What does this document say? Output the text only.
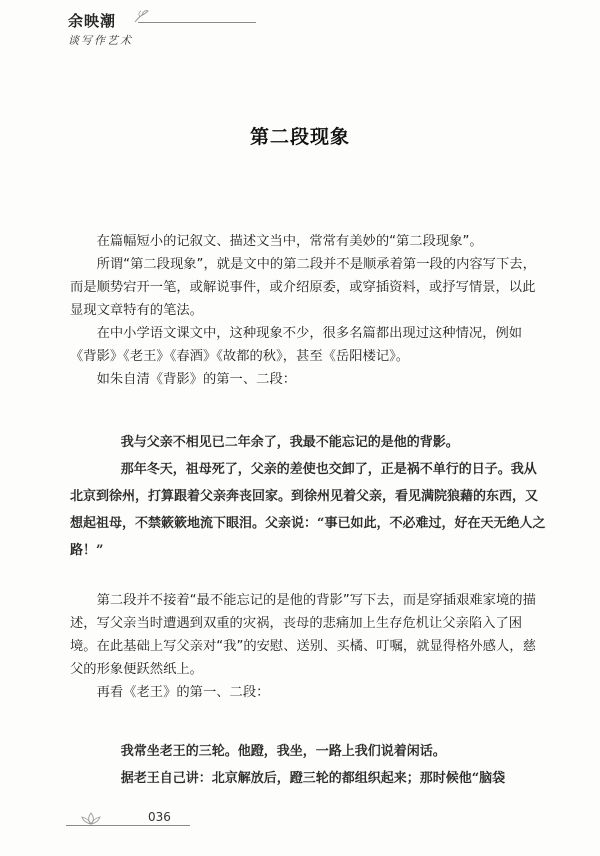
余映潮
谈写作艺术
第二段现象

在篇幅短小的记叙文、描述文当中，常常有美妙的“第二段现象”。

所谓“第二段现象”，就是文中的第二段并不是顺承着第一段的内容写下去，而是顺势宕开一笔，或解说事件，或介绍原委，或穿插资料，或抒写情景，以此显现文章特有的笔法。

在中小学语文课文中，这种现象不少，很多名篇都出现过这种情况，例如《背影》《老王》《春酒》《故都的秋》，甚至《岳阳楼记》。

如朱自清《背影》的第一、二段：

我与父亲不相见已二年余了，我最不能忘记的是他的背影。

那年冬天，祖母死了，父亲的差使也交卸了，正是祸不单行的日子。我从北京到徐州，打算跟着父亲奔丧回家。到徐州见着父亲，看见满院狼藉的东西，又想起祖母，不禁簌簌地流下眼泪。父亲说：“事已如此，不必难过，好在天无绝人之路！”

第二段并不接着“最不能忘记的是他的背影”写下去，而是穿插艰难家境的描述，写父亲当时遭遇到双重的灾祸，丧母的悲痛加上生存危机让父亲陷入了困境。在此基础上写父亲对“我”的安慰、送别、买橘、叮嘱，就显得格外感人，慈父的形象便跃然纸上。

再看《老王》的第一、二段：

我常坐老王的三轮。他蹬，我坐，一路上我们说着闲话。

据老王自己讲：北京解放后，蹬三轮的都组织起来；那时候他“脑袋

036
